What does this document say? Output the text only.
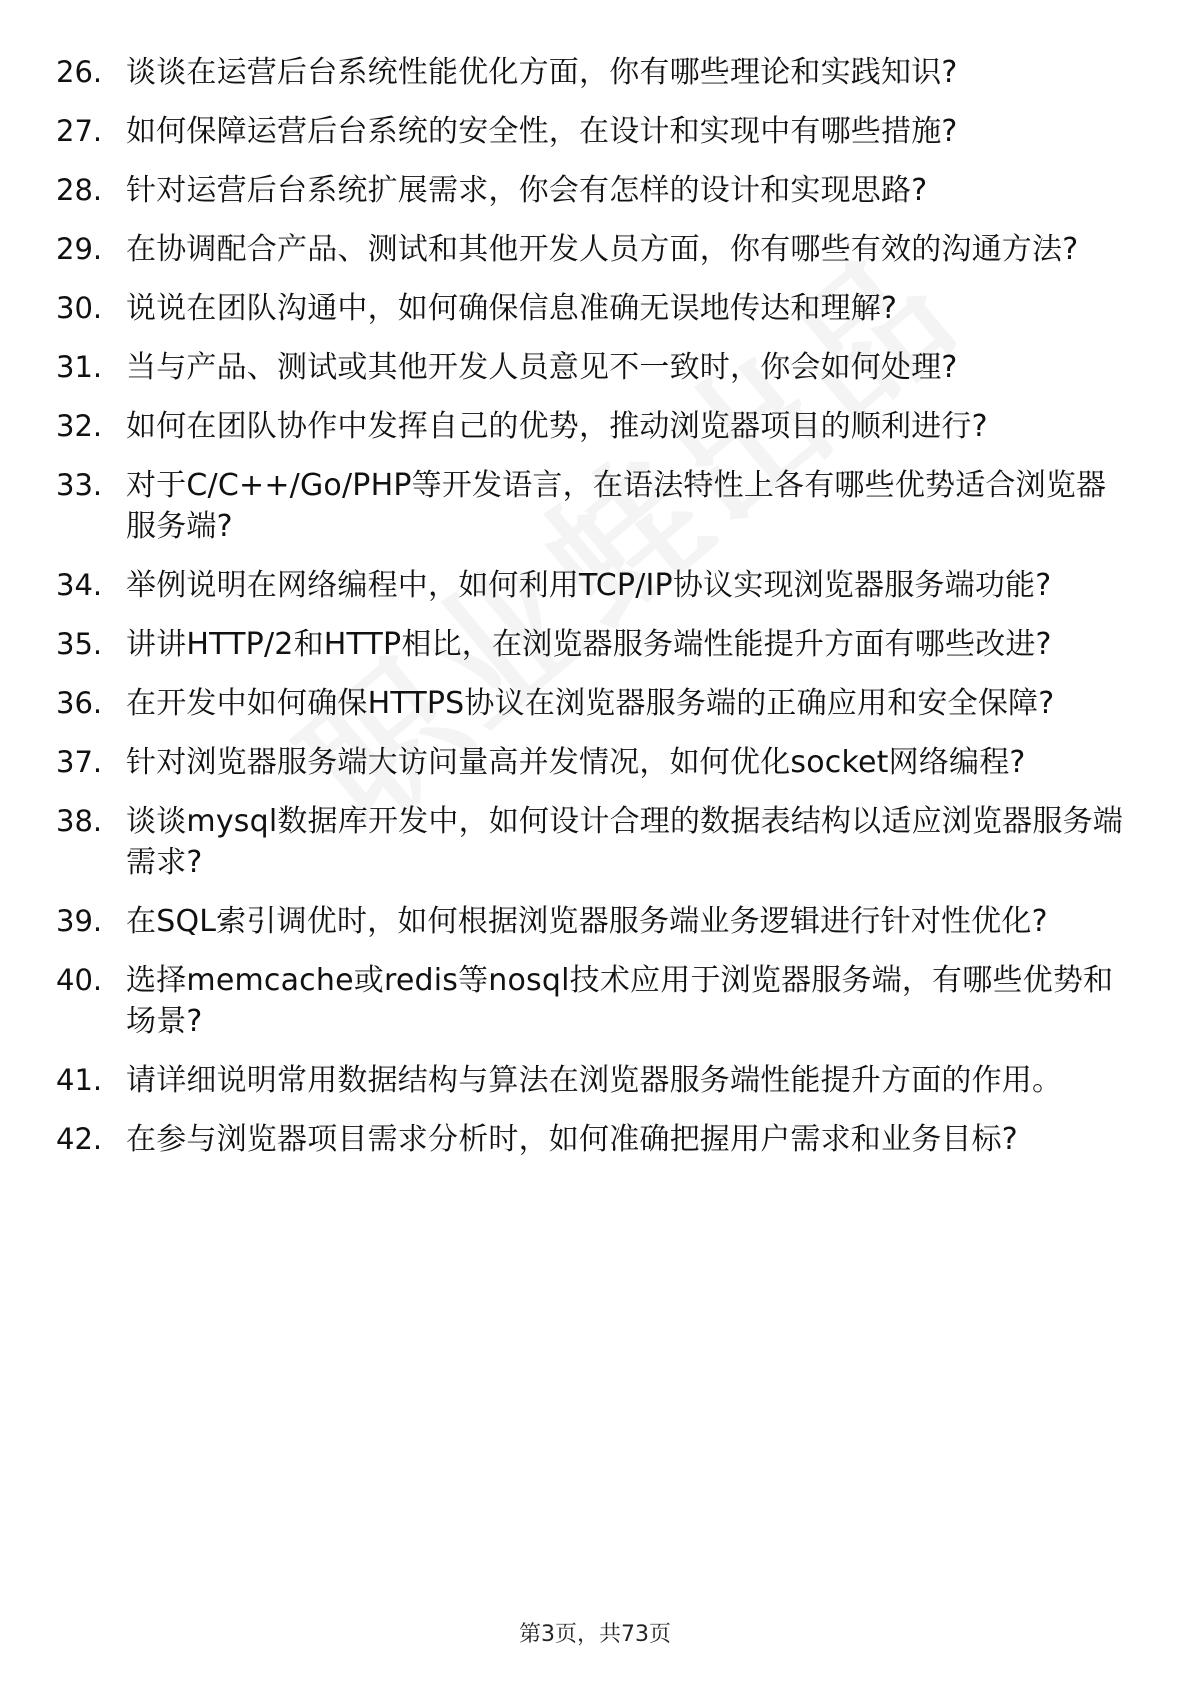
26. 谈谈在运营后台系统性能优化方面，你有哪些理论和实践知识?
27. 如何保障运营后台系统的安全性，在设计和实现中有哪些措施?
28. 针对运营后台系统扩展需求，你会有怎样的设计和实现思路?
29. 在协调配合产品、测试和其他开发人员方面，你有哪些有效的沟通方法?
30. 说说在团队沟通中，如何确保信息准确无误地传达和理解?
31. 当与产品、测试或其他开发人员意见不一致时，你会如何处理?
32. 如何在团队协作中发挥自己的优势，推动浏览器项目的顺利进行?
33. 对于C/C++/Go/PHP等开发语言，在语法特性上各有哪些优势适合浏览器服务端?
34. 举例说明在网络编程中，如何利用TCP/IP协议实现浏览器服务端功能?
35. 讲讲HTTP/2和HTTP相比，在浏览器服务端性能提升方面有哪些改进?
36. 在开发中如何确保HTTPS协议在浏览器服务端的正确应用和安全保障?
37. 针对浏览器服务端大访问量高并发情况，如何优化socket网络编程?
38. 谈谈mysql数据库开发中，如何设计合理的数据表结构以适应浏览器服务端需求?
39. 在SQL索引调优时，如何根据浏览器服务端业务逻辑进行针对性优化?
40. 选择memcache或redis等nosql技术应用于浏览器服务端，有哪些优势和场景?
41. 请详细说明常用数据结构与算法在浏览器服务端性能提升方面的作用。
42. 在参与浏览器项目需求分析时，如何准确把握用户需求和业务目标?
第3页，共73页
